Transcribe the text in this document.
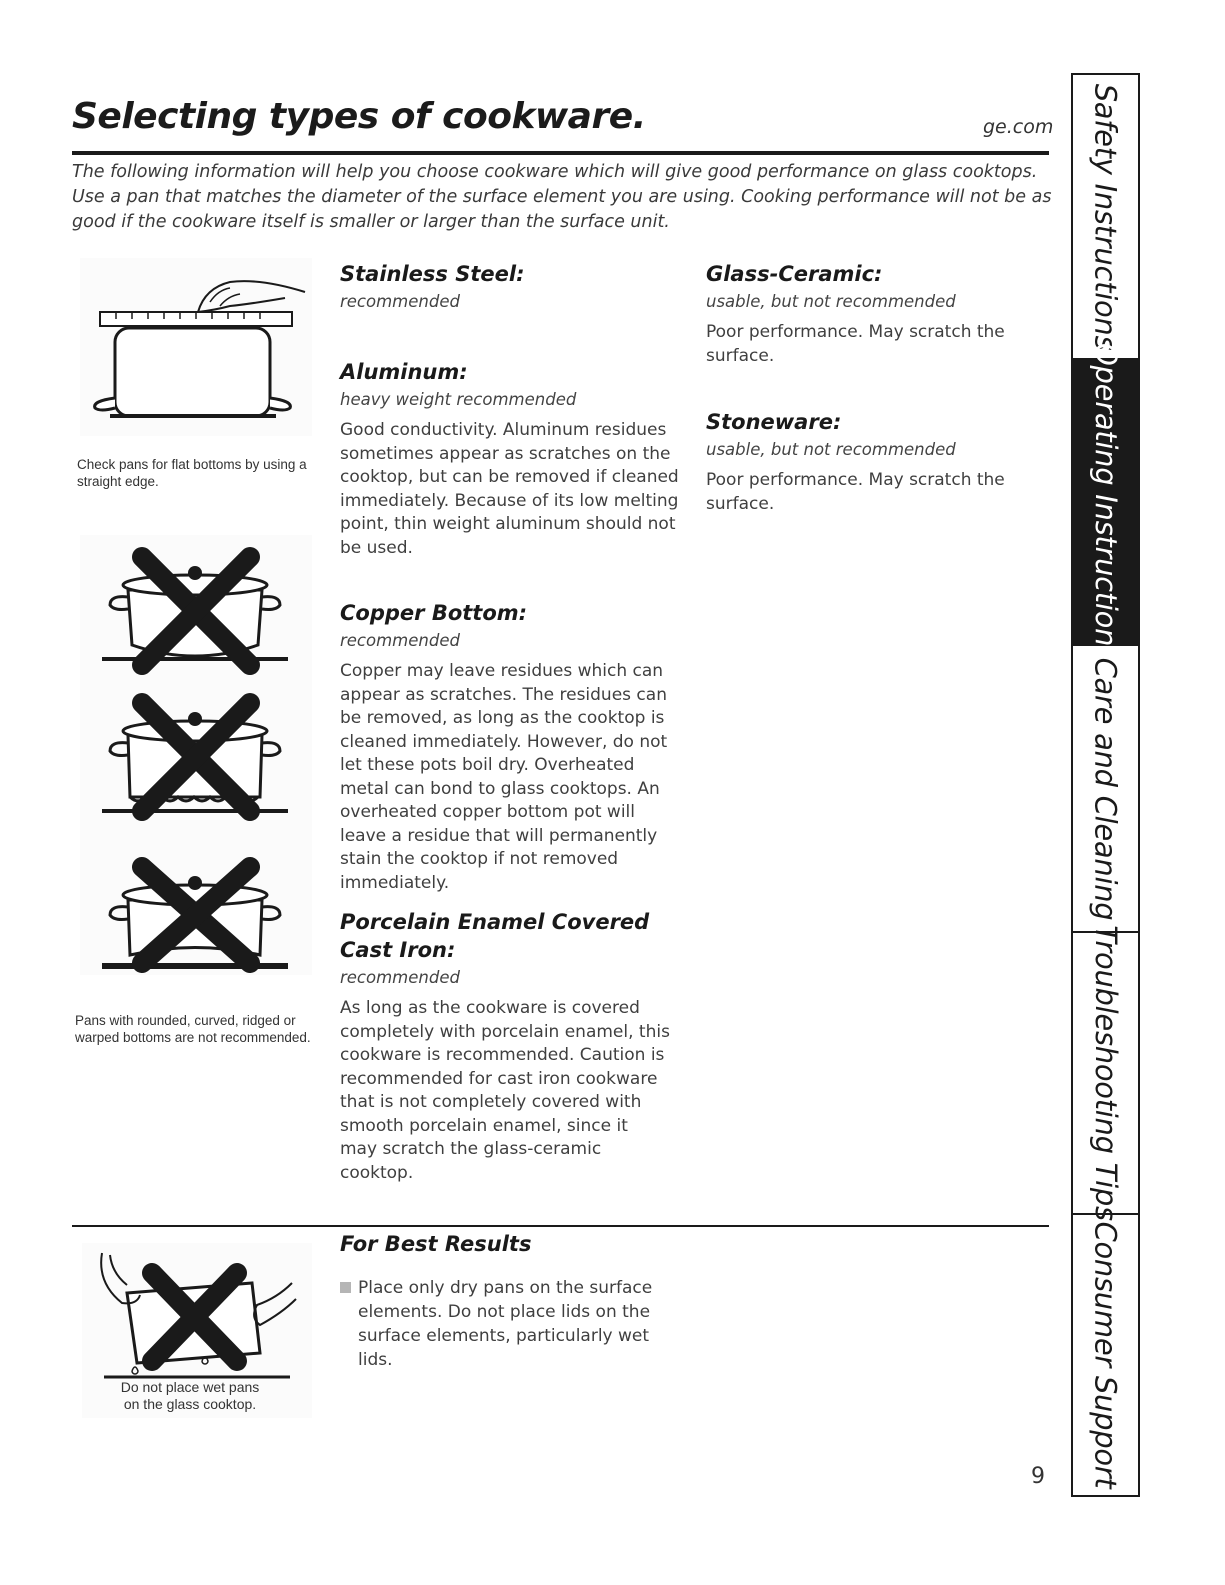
Selecting types of cookware.	ge.com

The following information will help you choose cookware which will give good performance on glass cooktops. Use a pan that matches the diameter of the surface element you are using. Cooking performance will not be as good if the cookware itself is smaller or larger than the surface unit.

Check pans for flat bottoms by using a straight edge.

Pans with rounded, curved, ridged or warped bottoms are not recommended.

Stainless Steel:

recommended

Aluminum:

heavy weight recommended

Good conductivity. Aluminum residues sometimes appear as scratches on the cooktop, but can be removed if cleaned immediately. Because of its low melting point, thin weight aluminum should not be used.

Copper Bottom:

recommended

Copper may leave residues which can appear as scratches. The residues can be removed, as long as the cooktop is cleaned immediately. However, do not let these pots boil dry. Overheated metal can bond to glass cooktops. An overheated copper bottom pot will leave a residue that will permanently stain the cooktop if not removed immediately.

Porcelain Enamel Covered Cast Iron:

recommended

As long as the cookware is covered completely with porcelain enamel, this cookware is recommended. Caution is recommended for cast iron cookware that is not completely covered with smooth porcelain enamel, since it may scratch the glass-ceramic cooktop.

Glass-Ceramic:

usable, but not recommended

Poor performance. May scratch the surface.

Stoneware:

usable, but not recommended

Poor performance. May scratch the surface.

Do not place wet pans on the glass cooktop.

For Best Results

Place only dry pans on the surface elements. Do not place lids on the surface elements, particularly wet lids.

9
Safety Instructions
Operating Instructions
Care and Cleaning
Troubleshooting Tips
Consumer Support
